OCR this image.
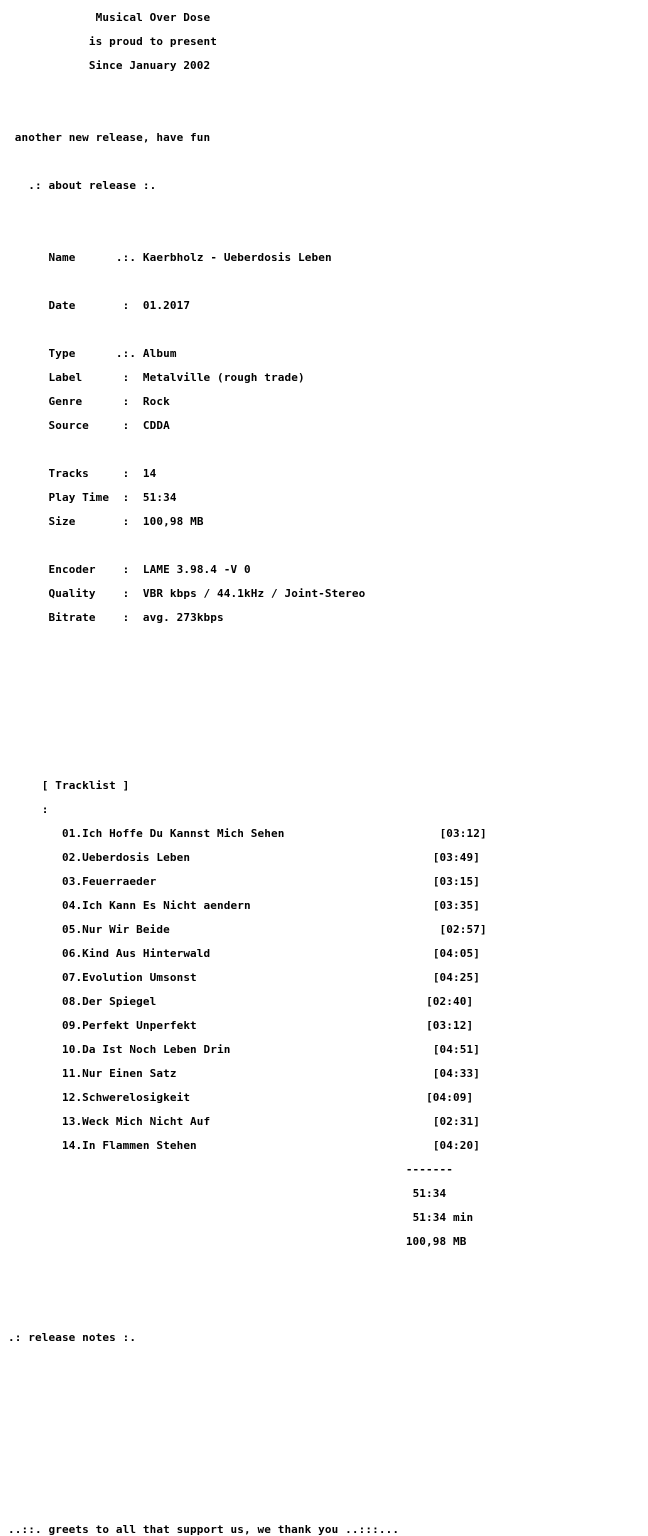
Musical Over Dose

is proud to present

Since January 2002

another new release, have fun

.: about release :.

Name	.:. Kaerbholz - Ueberdosis Leben

Date       :  01.2017

Type	.:. Album

Label      :  Metalville (rough trade)

Genre      :  Rock

Source     :  CDDA

Tracks     :  14

Play Time  :  51:34

Size       :  100,98 MB

Encoder    :  LAME 3.98.4 -V 0

Quality    :  VBR kbps / 44.1kHz / Joint-Stereo

Bitrate    :  avg. 273kbps

[ Tracklist ]

:

01.Ich Hoffe Du Kannst Mich Sehen	[03:12]

02.Ueberdosis Leben	[03:49]

03.Feuerraeder	[03:15]

04.Ich Kann Es Nicht aendern	[03:35]

05.Nur Wir Beide	[02:57]

06.Kind Aus Hinterwald	[04:05]

07.Evolution Umsonst	[04:25]

08.Der Spiegel	[02:40]

09.Perfekt Unperfekt	[03:12]

10.Da Ist Noch Leben Drin	[04:51]

11.Nur Einen Satz	[04:33]

12.Schwerelosigkeit	[04:09]

13.Weck Mich Nicht Auf	[02:31]

14.In Flammen Stehen	[04:20]

-------

51:34

51:34 min

100,98 MB

.: release notes :.

..::. greets to all that support us, we thank you ..:::...
